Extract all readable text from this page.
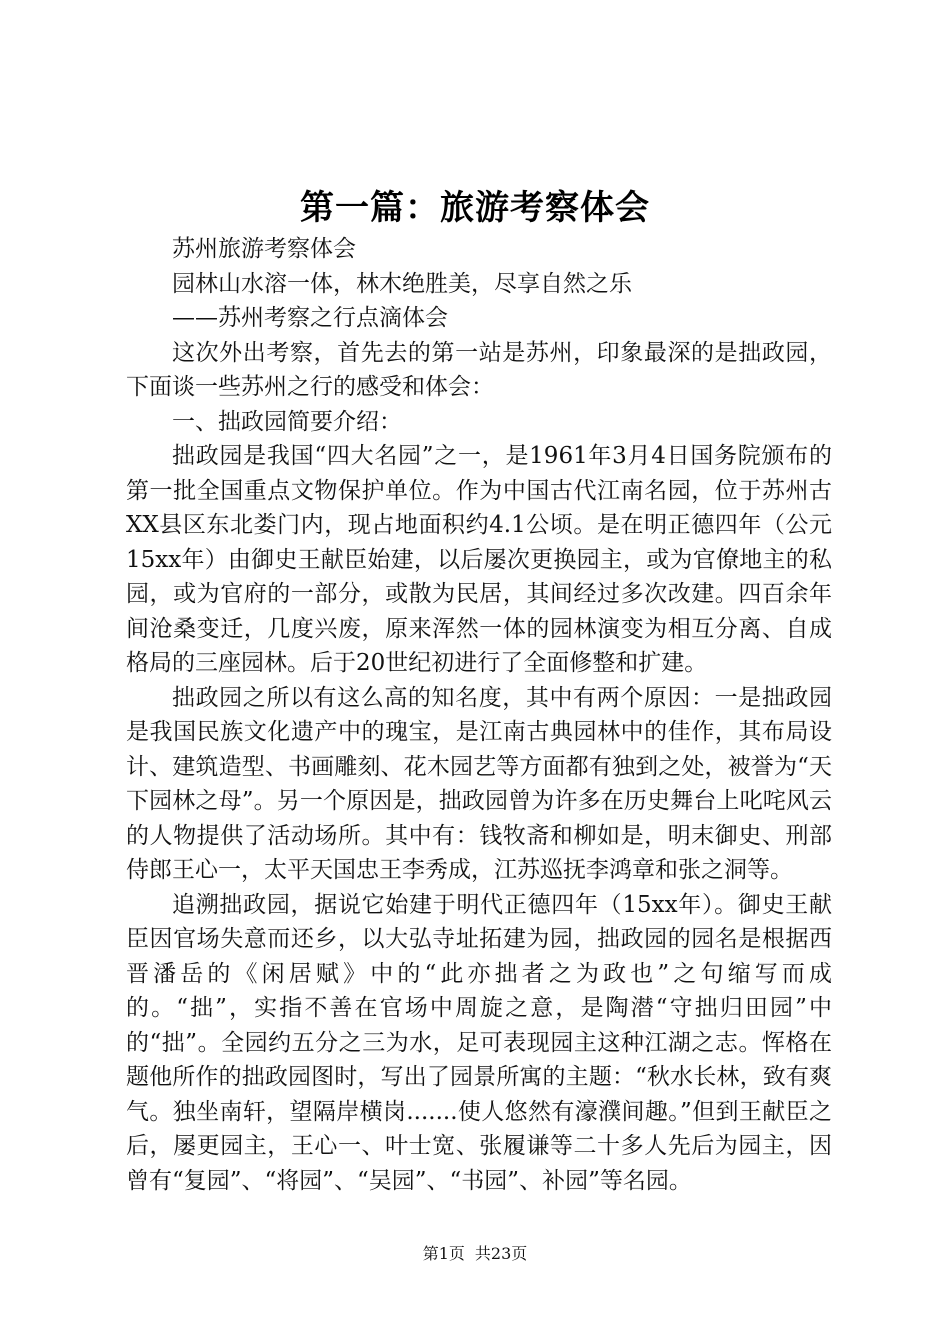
第一篇：旅游考察体会

苏州旅游考察体会

园林山水溶一体，林木绝胜美，尽享自然之乐

——苏州考察之行点滴体会

这次外出考察，首先去的第一站是苏州，印象最深的是拙政园，下面谈一些苏州之行的感受和体会：

一、拙政园简要介绍：

拙政园是我国“四大名园”之一，是1961年3月4日国务院颁布的第一批全国重点文物保护单位。作为中国古代江南名园，位于苏州古XX县区东北娄门内，现占地面积约4.1公顷。是在明正德四年（公元15xx年）由御史王献臣始建，以后屡次更换园主，或为官僚地主的私园，或为官府的一部分，或散为民居，其间经过多次改建。四百余年间沧桑变迁，几度兴废，原来浑然一体的园林演变为相互分离、自成格局的三座园林。后于20世纪初进行了全面修整和扩建。

拙政园之所以有这么高的知名度，其中有两个原因：一是拙政园是我国民族文化遗产中的瑰宝，是江南古典园林中的佳作，其布局设计、建筑造型、书画雕刻、花木园艺等方面都有独到之处，被誉为“天下园林之母”。另一个原因是，拙政园曾为许多在历史舞台上叱咤风云的人物提供了活动场所。其中有：钱牧斋和柳如是，明末御史、刑部侍郎王心一，太平天国忠王李秀成，江苏巡抚李鸿章和张之洞等。

追溯拙政园，据说它始建于明代正德四年（15xx年）。御史王献臣因官场失意而还乡，以大弘寺址拓建为园，拙政园的园名是根据西晋潘岳的《闲居赋》中的“此亦拙者之为政也”之句缩写而成的。“拙”，实指不善在官场中周旋之意，是陶潜“守拙归田园”中的“拙”。全园约五分之三为水，足可表现园主这种江湖之志。恽格在题他所作的拙政园图时，写出了园景所寓的主题：“秋水长林，致有爽气。独坐南轩，望隔岸横岗.......使人悠然有濠濮间趣。”但到王献臣之后，屡更园主，王心一、叶士宽、张履谦等二十多人先后为园主，因曾有“复园”、“将园”、“吴园”、“书园”、补园”等名园。

第1页 共23页
